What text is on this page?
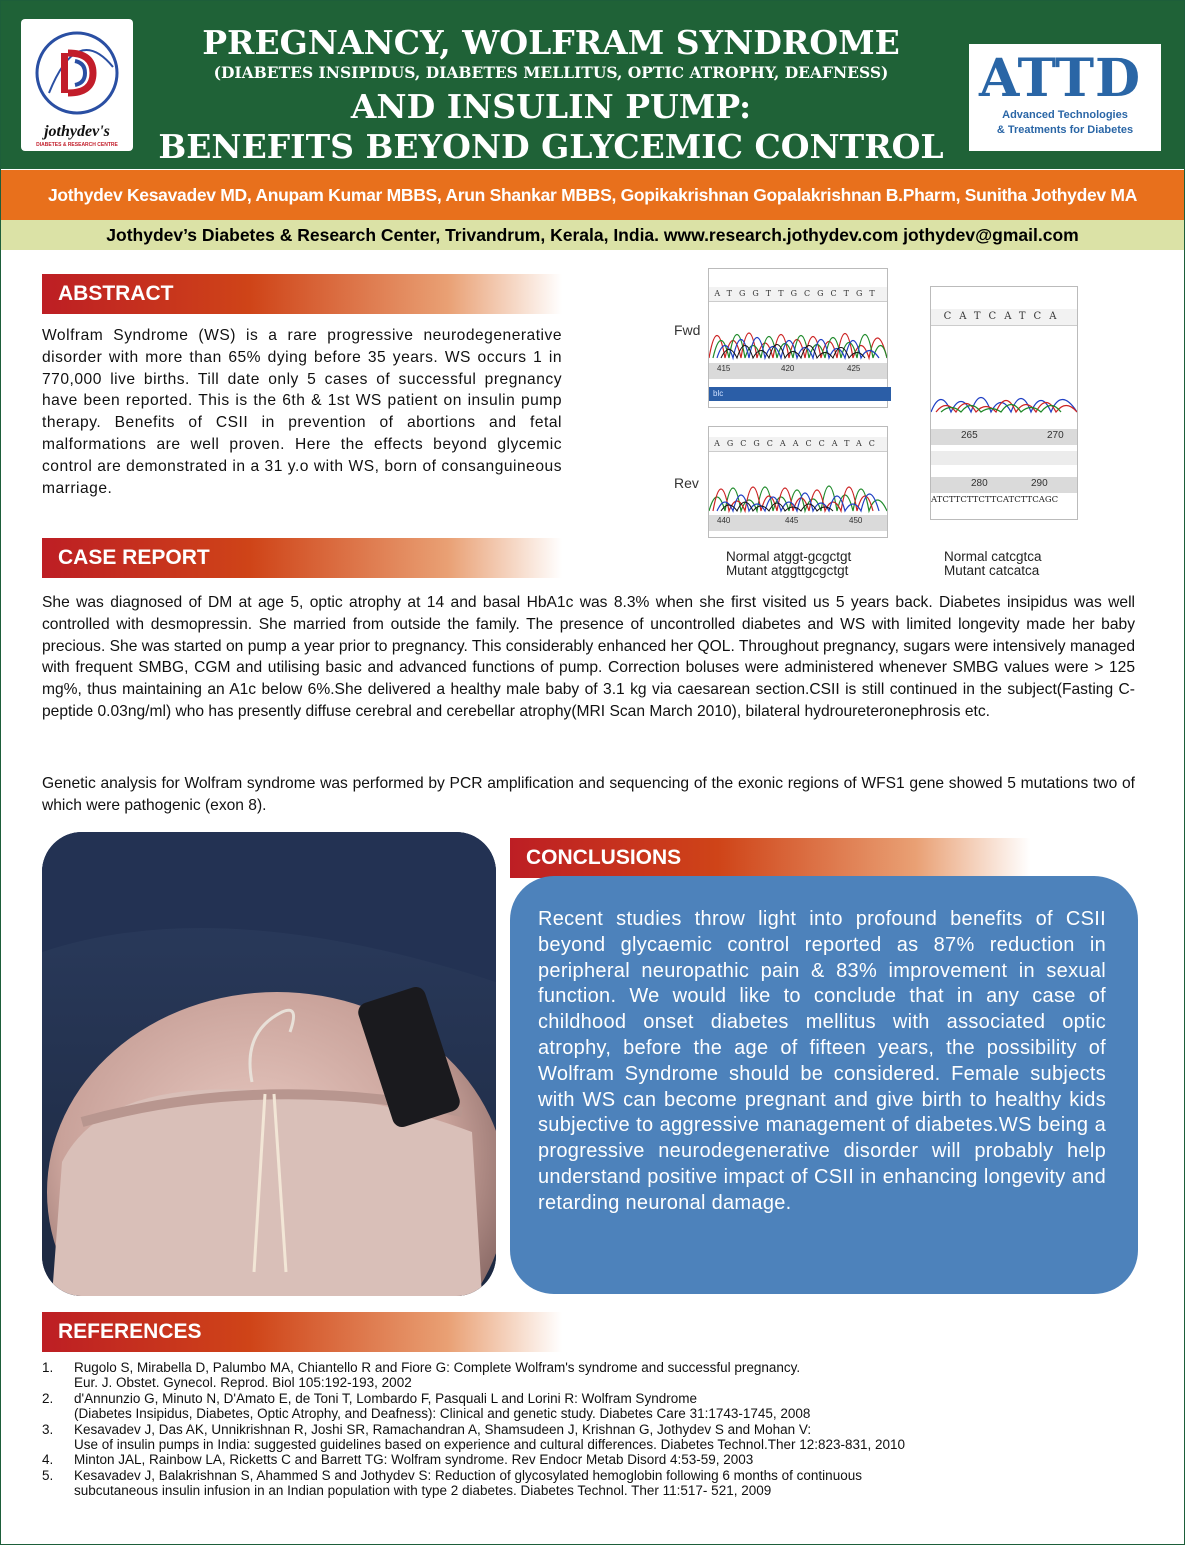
jothydev's
DIABETES & RESEARCH CENTRE
PREGNANCY, WOLFRAM SYNDROME
(DIABETES INSIPIDUS, DIABETES MELLITUS, OPTIC ATROPHY, DEAFNESS)
AND INSULIN PUMP:
BENEFITS BEYOND GLYCEMIC CONTROL
ATTD
Advanced Technologies
& Treatments for Diabetes
Jothydev Kesavadev MD, Anupam Kumar MBBS, Arun Shankar MBBS, Gopikakrishnan Gopalakrishnan B.Pharm, Sunitha Jothydev MA
Jothydev’s Diabetes & Research Center, Trivandrum, Kerala, India. www.research.jothydev.com jothydev@gmail.com
ABSTRACT
Wolfram Syndrome (WS) is a rare progressive neurodegenerative disorder with more than 65% dying before 35 years. WS occurs 1 in 770,000 live births. Till date only 5 cases of successful pregnancy have been reported. This is the 6th & 1st WS patient on insulin pump therapy. Benefits of CSII in prevention of abortions and fetal malformations are well proven. Here the effects beyond glycemic control are demonstrated in a 31 y.o with WS, born of consanguineous marriage.
CASE REPORT
She was diagnosed of DM at age 5, optic atrophy at 14 and basal HbA1c was 8.3% when she first visited us 5 years back. Diabetes insipidus was well controlled with desmopressin. She married from outside the family. The presence of uncontrolled diabetes and WS with limited longevity made her baby precious. She was started on pump a year prior to pregnancy. This considerably enhanced her QOL. Throughout pregnancy, sugars were intensively managed with frequent SMBG, CGM and utilising basic and advanced functions of pump. Correction boluses were administered whenever SMBG values were > 125 mg%, thus maintaining an A1c below 6%.She delivered a healthy male baby of 3.1 kg via caesarean section.CSII is still continued in the subject(Fasting C-peptide 0.03ng/ml) who has presently diffuse cerebral and cerebellar atrophy(MRI Scan March 2010), bilateral hydroureteronephrosis etc.
Genetic analysis for Wolfram syndrome was performed by PCR amplification and sequencing of the exonic regions of WFS1 gene showed 5 mutations two of which were pathogenic (exon 8).
Fwd
Rev
ATGGTTGCGCTGT
415	420	425
blc
AGCGCAACCATAC
440	445	450
CATCATCA
265	270
280	290
ATCTTCTTCTTCATCTTCAGC
Normal atggt-gcgctgt
Mutant atggttgcgctgt
Normal catcgtca
Mutant catcatca
CONCLUSIONS
Recent studies throw light into profound benefits of CSII beyond glycaemic control reported as 87% reduction in peripheral neuropathic pain & 83% improvement in sexual function. We would like to conclude that in any case of childhood onset diabetes mellitus with associated optic atrophy, before the age of fifteen years, the possibility of Wolfram Syndrome should be considered. Female subjects with WS can become pregnant and give birth to healthy kids subjective to aggressive management of diabetes.WS being a progressive neurodegenerative disorder will probably help understand positive impact of CSII in enhancing longevity and retarding neuronal damage.
REFERENCES
1.	Rugolo S, Mirabella D, Palumbo MA, Chiantello R and Fiore G: Complete Wolfram's syndrome and successful pregnancy.
Eur. J. Obstet. Gynecol. Reprod. Biol 105:192-193, 2002
2.	d'Annunzio G, Minuto N, D'Amato E, de Toni T, Lombardo F, Pasquali L and Lorini R: Wolfram Syndrome
(Diabetes Insipidus, Diabetes, Optic Atrophy, and Deafness): Clinical and genetic study. Diabetes Care 31:1743-1745, 2008
3.	Kesavadev J, Das AK, Unnikrishnan R, Joshi SR, Ramachandran A, Shamsudeen J, Krishnan G, Jothydev S and Mohan V:
Use of insulin pumps in India: suggested guidelines based on experience and cultural differences. Diabetes Technol.Ther 12:823-831, 2010
4.	Minton JAL, Rainbow LA, Ricketts C and Barrett TG: Wolfram syndrome. Rev Endocr Metab Disord 4:53-59, 2003
5.	Kesavadev J, Balakrishnan S, Ahammed S and Jothydev S: Reduction of glycosylated hemoglobin following 6 months of continuous
subcutaneous insulin infusion in an Indian population with type 2 diabetes. Diabetes Technol. Ther 11:517- 521, 2009
